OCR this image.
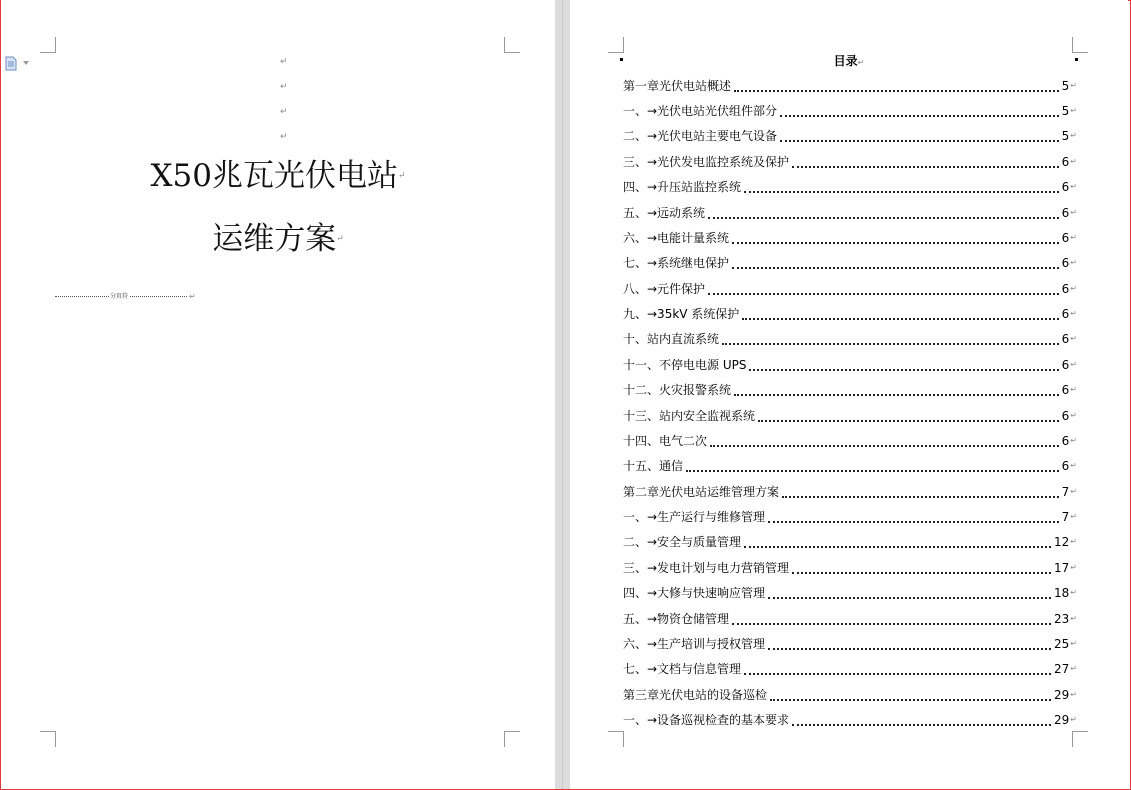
↵
↵
↵
↵
X50兆瓦光伏电站↵
运维方案↵
分页符	↵
目录↵
第一章光伏电站概述	5 ↵
一、→光伏电站光伏组件部分	5 ↵
二、→光伏电站主要电气设备	5 ↵
三、→光伏发电监控系统及保护	6 ↵
四、→升压站监控系统	6 ↵
五、→远动系统	6 ↵
六、→电能计量系统	6 ↵
七、→系统继电保护	6 ↵
八、→元件保护	6 ↵
九、→35kV 系统保护	6 ↵
十、站内直流系统	6 ↵
十一、不停电电源 UPS	6 ↵
十二、火灾报警系统	6 ↵
十三、站内安全监视系统	6 ↵
十四、电气二次	6 ↵
十五、通信	6 ↵
第二章光伏电站运维管理方案	7 ↵
一、→生产运行与维修管理	7 ↵
二、→安全与质量管理	12 ↵
三、→发电计划与电力营销管理	17 ↵
四、→大修与快速响应管理	18 ↵
五、→物资仓储管理	23 ↵
六、→生产培训与授权管理	25 ↵
七、→文档与信息管理	27 ↵
第三章光伏电站的设备巡检	29 ↵
一、→设备巡视检查的基本要求	29 ↵
